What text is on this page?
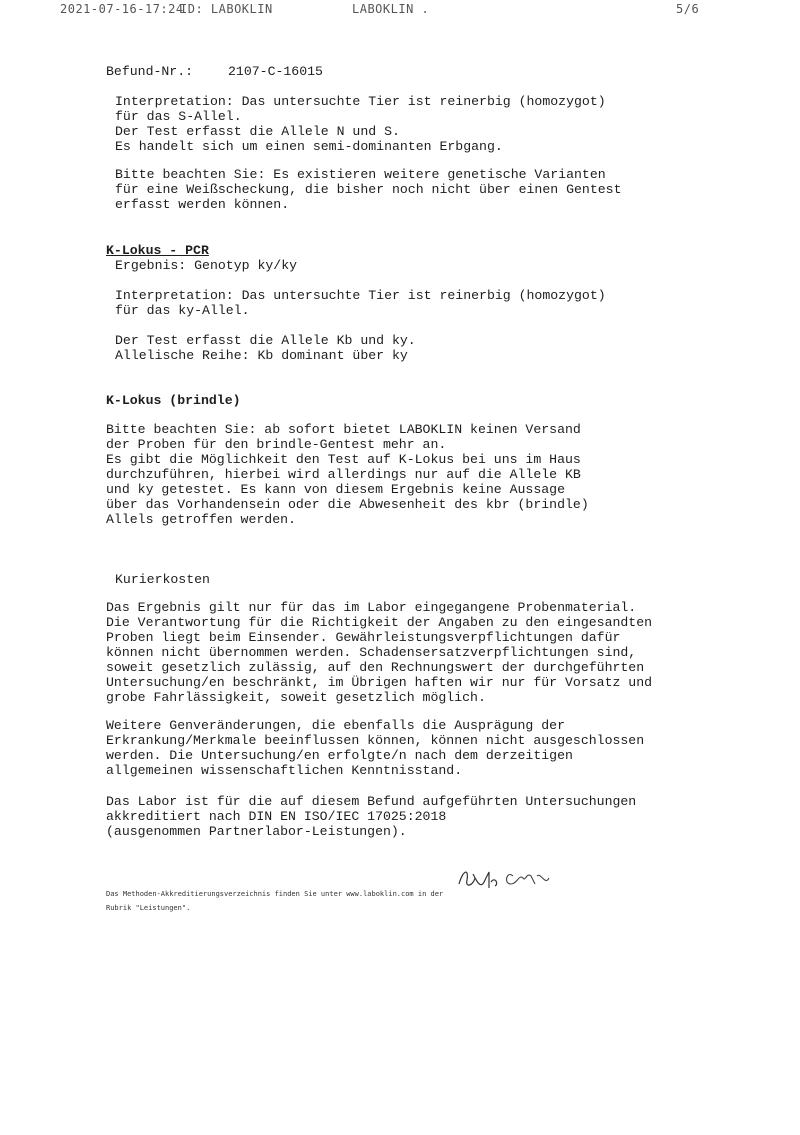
2021-07-16-17:24
ID: LABOKLIN	LABOKLIN .	5/6
Befund-Nr.:	2107-C-16015
Interpretation: Das untersuchte Tier ist reinerbig (homozygot)
für das S-Allel.
Der Test erfasst die Allele N und S.
Es handelt sich um einen semi-dominanten Erbgang.
Bitte beachten Sie: Es existieren weitere genetische Varianten
für eine Weißscheckung, die bisher noch nicht über einen Gentest
erfasst werden können.
K-Lokus - PCR
Ergebnis: Genotyp ky/ky
Interpretation: Das untersuchte Tier ist reinerbig (homozygot)
für das ky-Allel.
Der Test erfasst die Allele Kb und ky.
Allelische Reihe: Kb dominant über ky
K-Lokus (brindle)
Bitte beachten Sie: ab sofort bietet LABOKLIN keinen Versand
der Proben für den brindle-Gentest mehr an.
Es gibt die Möglichkeit den Test auf K-Lokus bei uns im Haus
durchzuführen, hierbei wird allerdings nur auf die Allele KB
und ky getestet. Es kann von diesem Ergebnis keine Aussage
über das Vorhandensein oder die Abwesenheit des kbr (brindle)
Allels getroffen werden.
Kurierkosten
Das Ergebnis gilt nur für das im Labor eingegangene Probenmaterial.
Die Verantwortung für die Richtigkeit der Angaben zu den eingesandten
Proben liegt beim Einsender. Gewährleistungsverpflichtungen dafür
können nicht übernommen werden. Schadensersatzverpflichtungen sind,
soweit gesetzlich zulässig, auf den Rechnungswert der durchgeführten
Untersuchung/en beschränkt, im Übrigen haften wir nur für Vorsatz und
grobe Fahrlässigkeit, soweit gesetzlich möglich.
Weitere Genveränderungen, die ebenfalls die Ausprägung der
Erkrankung/Merkmale beeinflussen können, können nicht ausgeschlossen
werden. Die Untersuchung/en erfolgte/n nach dem derzeitigen
allgemeinen wissenschaftlichen Kenntnisstand.
Das Labor ist für die auf diesem Befund aufgeführten Untersuchungen
akkreditiert nach DIN EN ISO/IEC 17025:2018
(ausgenommen Partnerlabor-Leistungen).
Das Methoden-Akkreditierungsverzeichnis finden Sie unter www.laboklin.com in der
Rubrik "Leistungen".
